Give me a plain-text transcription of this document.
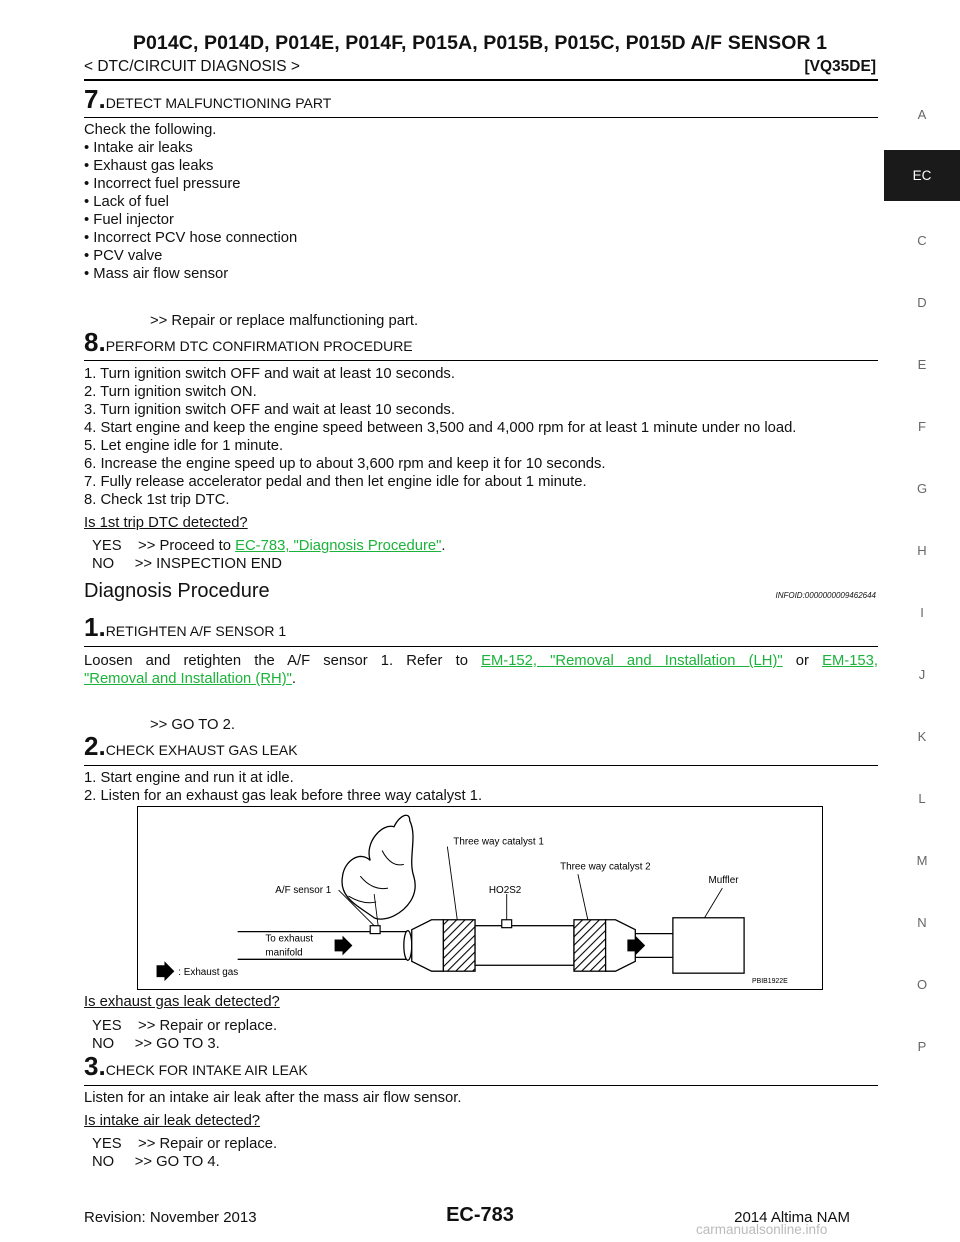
P014C, P014D, P014E, P014F, P015A, P015B, P015C, P015D A/F SENSOR 1
< DTC/CIRCUIT DIAGNOSIS >	[VQ35DE]
A
EC
C
D
E
F
G
H
I
J
K
L
M
N
O
P
7.DETECT MALFUNCTIONING PART
Check the following.
• Intake air leaks
• Exhaust gas leaks
• Incorrect fuel pressure
• Lack of fuel
• Fuel injector
• Incorrect PCV hose connection
• PCV valve
• Mass air flow sensor
>> Repair or replace malfunctioning part.
8.PERFORM DTC CONFIRMATION PROCEDURE
1. Turn ignition switch OFF and wait at least 10 seconds.
2. Turn ignition switch ON.
3. Turn ignition switch OFF and wait at least 10 seconds.
4. Start engine and keep the engine speed between 3,500 and 4,000 rpm for at least 1 minute under no load.
5. Let engine idle for 1 minute.
6. Increase the engine speed up to about 3,600 rpm and keep it for 10 seconds.
7. Fully release accelerator pedal and then let engine idle for about 1 minute.
8. Check 1st trip DTC.
Is 1st trip DTC detected?
YES    >> Proceed to EC-783, "Diagnosis Procedure".
NO     >> INSPECTION END
Diagnosis Procedure	INFOID:0000000009462644
1.RETIGHTEN A/F SENSOR 1
Loosen and retighten the A/F sensor 1. Refer to EM-152, "Removal and Installation (LH)" or EM-153,
"Removal and Installation (RH)".
>> GO TO 2.
2.CHECK EXHAUST GAS LEAK
1. Start engine and run it at idle.
2. Listen for an exhaust gas leak before three way catalyst 1.
Three way catalyst 1
Three way catalyst 2
Muffler
A/F sensor 1	HO2S2
To exhaust
manifold
: Exhaust gas
PBIB1922E
Is exhaust gas leak detected?
YES    >> Repair or replace.
NO     >> GO TO 3.
3.CHECK FOR INTAKE AIR LEAK
Listen for an intake air leak after the mass air flow sensor.
Is intake air leak detected?
YES    >> Repair or replace.
NO     >> GO TO 4.
Revision: November 2013	EC-783	2014 Altima NAM
carmanualsonline.info
